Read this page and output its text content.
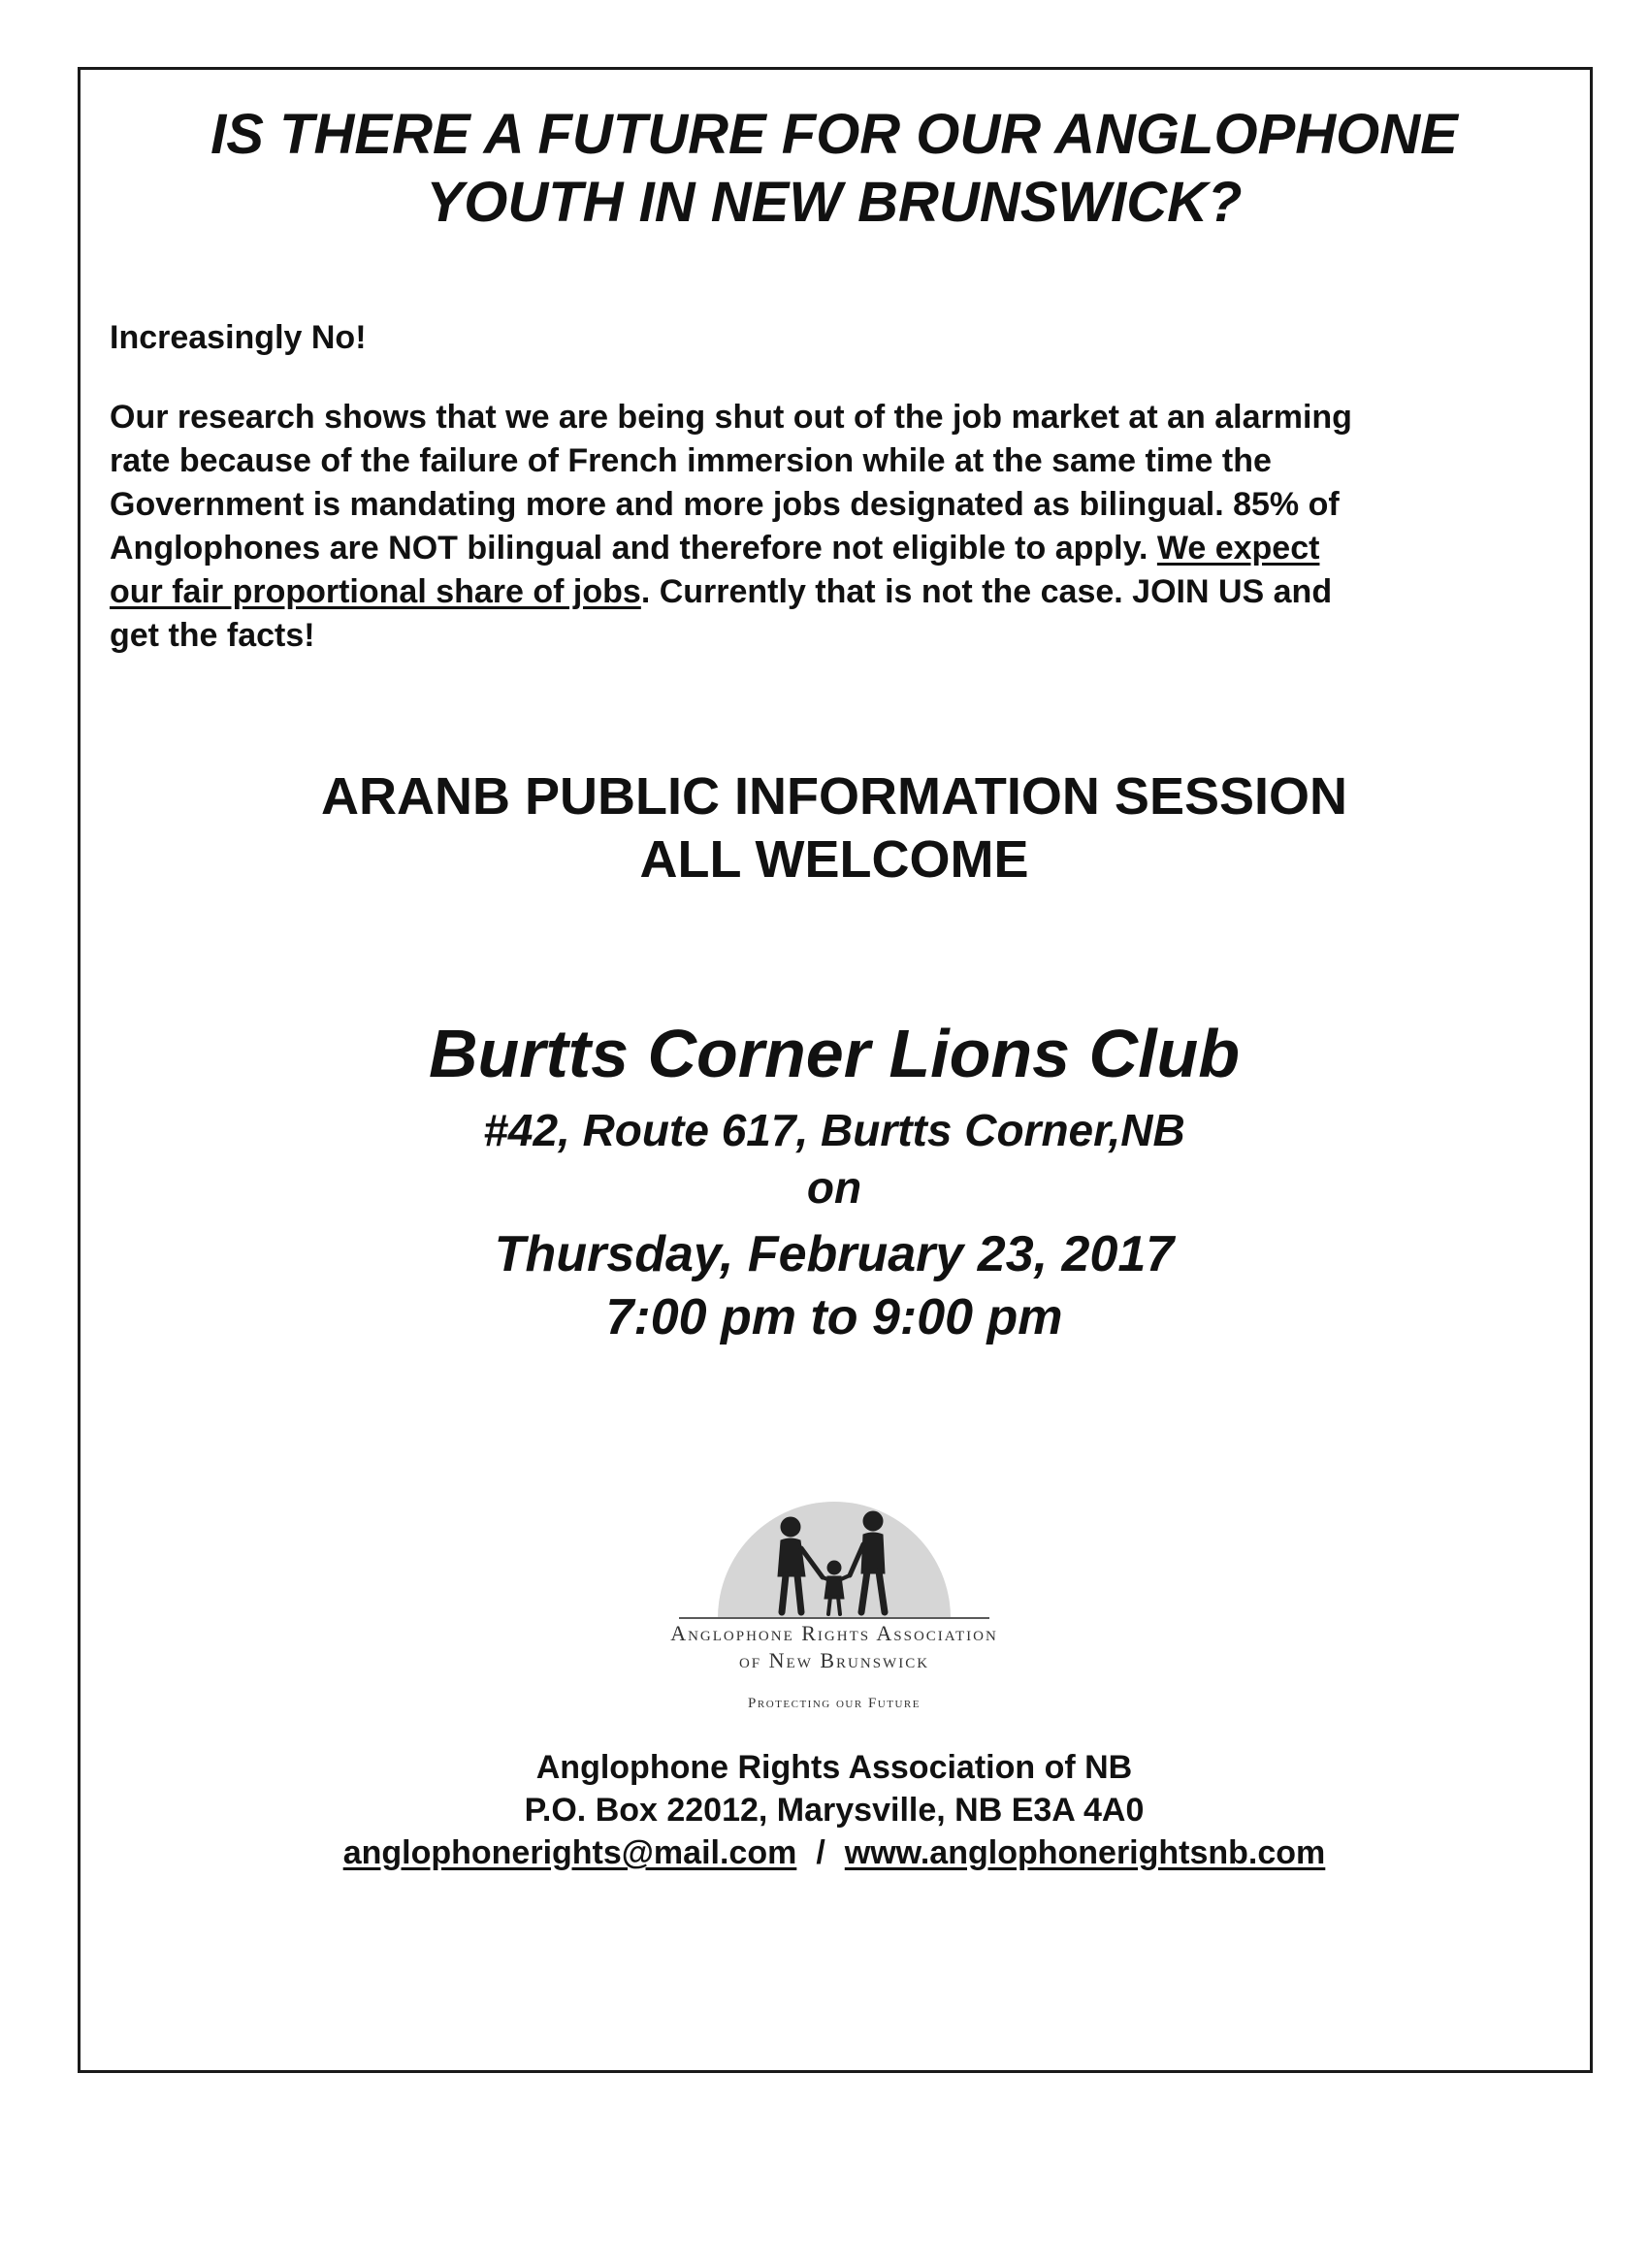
IS THERE A FUTURE FOR OUR ANGLOPHONE
YOUTH IN NEW BRUNSWICK?

Increasingly No!

Our research shows that we are being shut out of the job market at an alarming
rate because of the failure of French immersion while at the same time the
Government is mandating more and more jobs designated as bilingual. 85% of
Anglophones are NOT bilingual and therefore not eligible to apply. We expect
our fair proportional share of jobs. Currently that is not the case. JOIN US and
get the facts!

ARANB PUBLIC INFORMATION SESSION
ALL WELCOME
Burtts Corner Lions Club
#42, Route 617, Burtts Corner,NB
on
Thursday, February 23, 2017
7:00 pm to 9:00 pm
Anglophone Rights Association
of New Brunswick
Protecting our Future
Anglophone Rights Association of NB
P.O. Box 22012, Marysville, NB E3A 4A0
anglophonerights@mail.com / www.anglophonerightsnb.com
